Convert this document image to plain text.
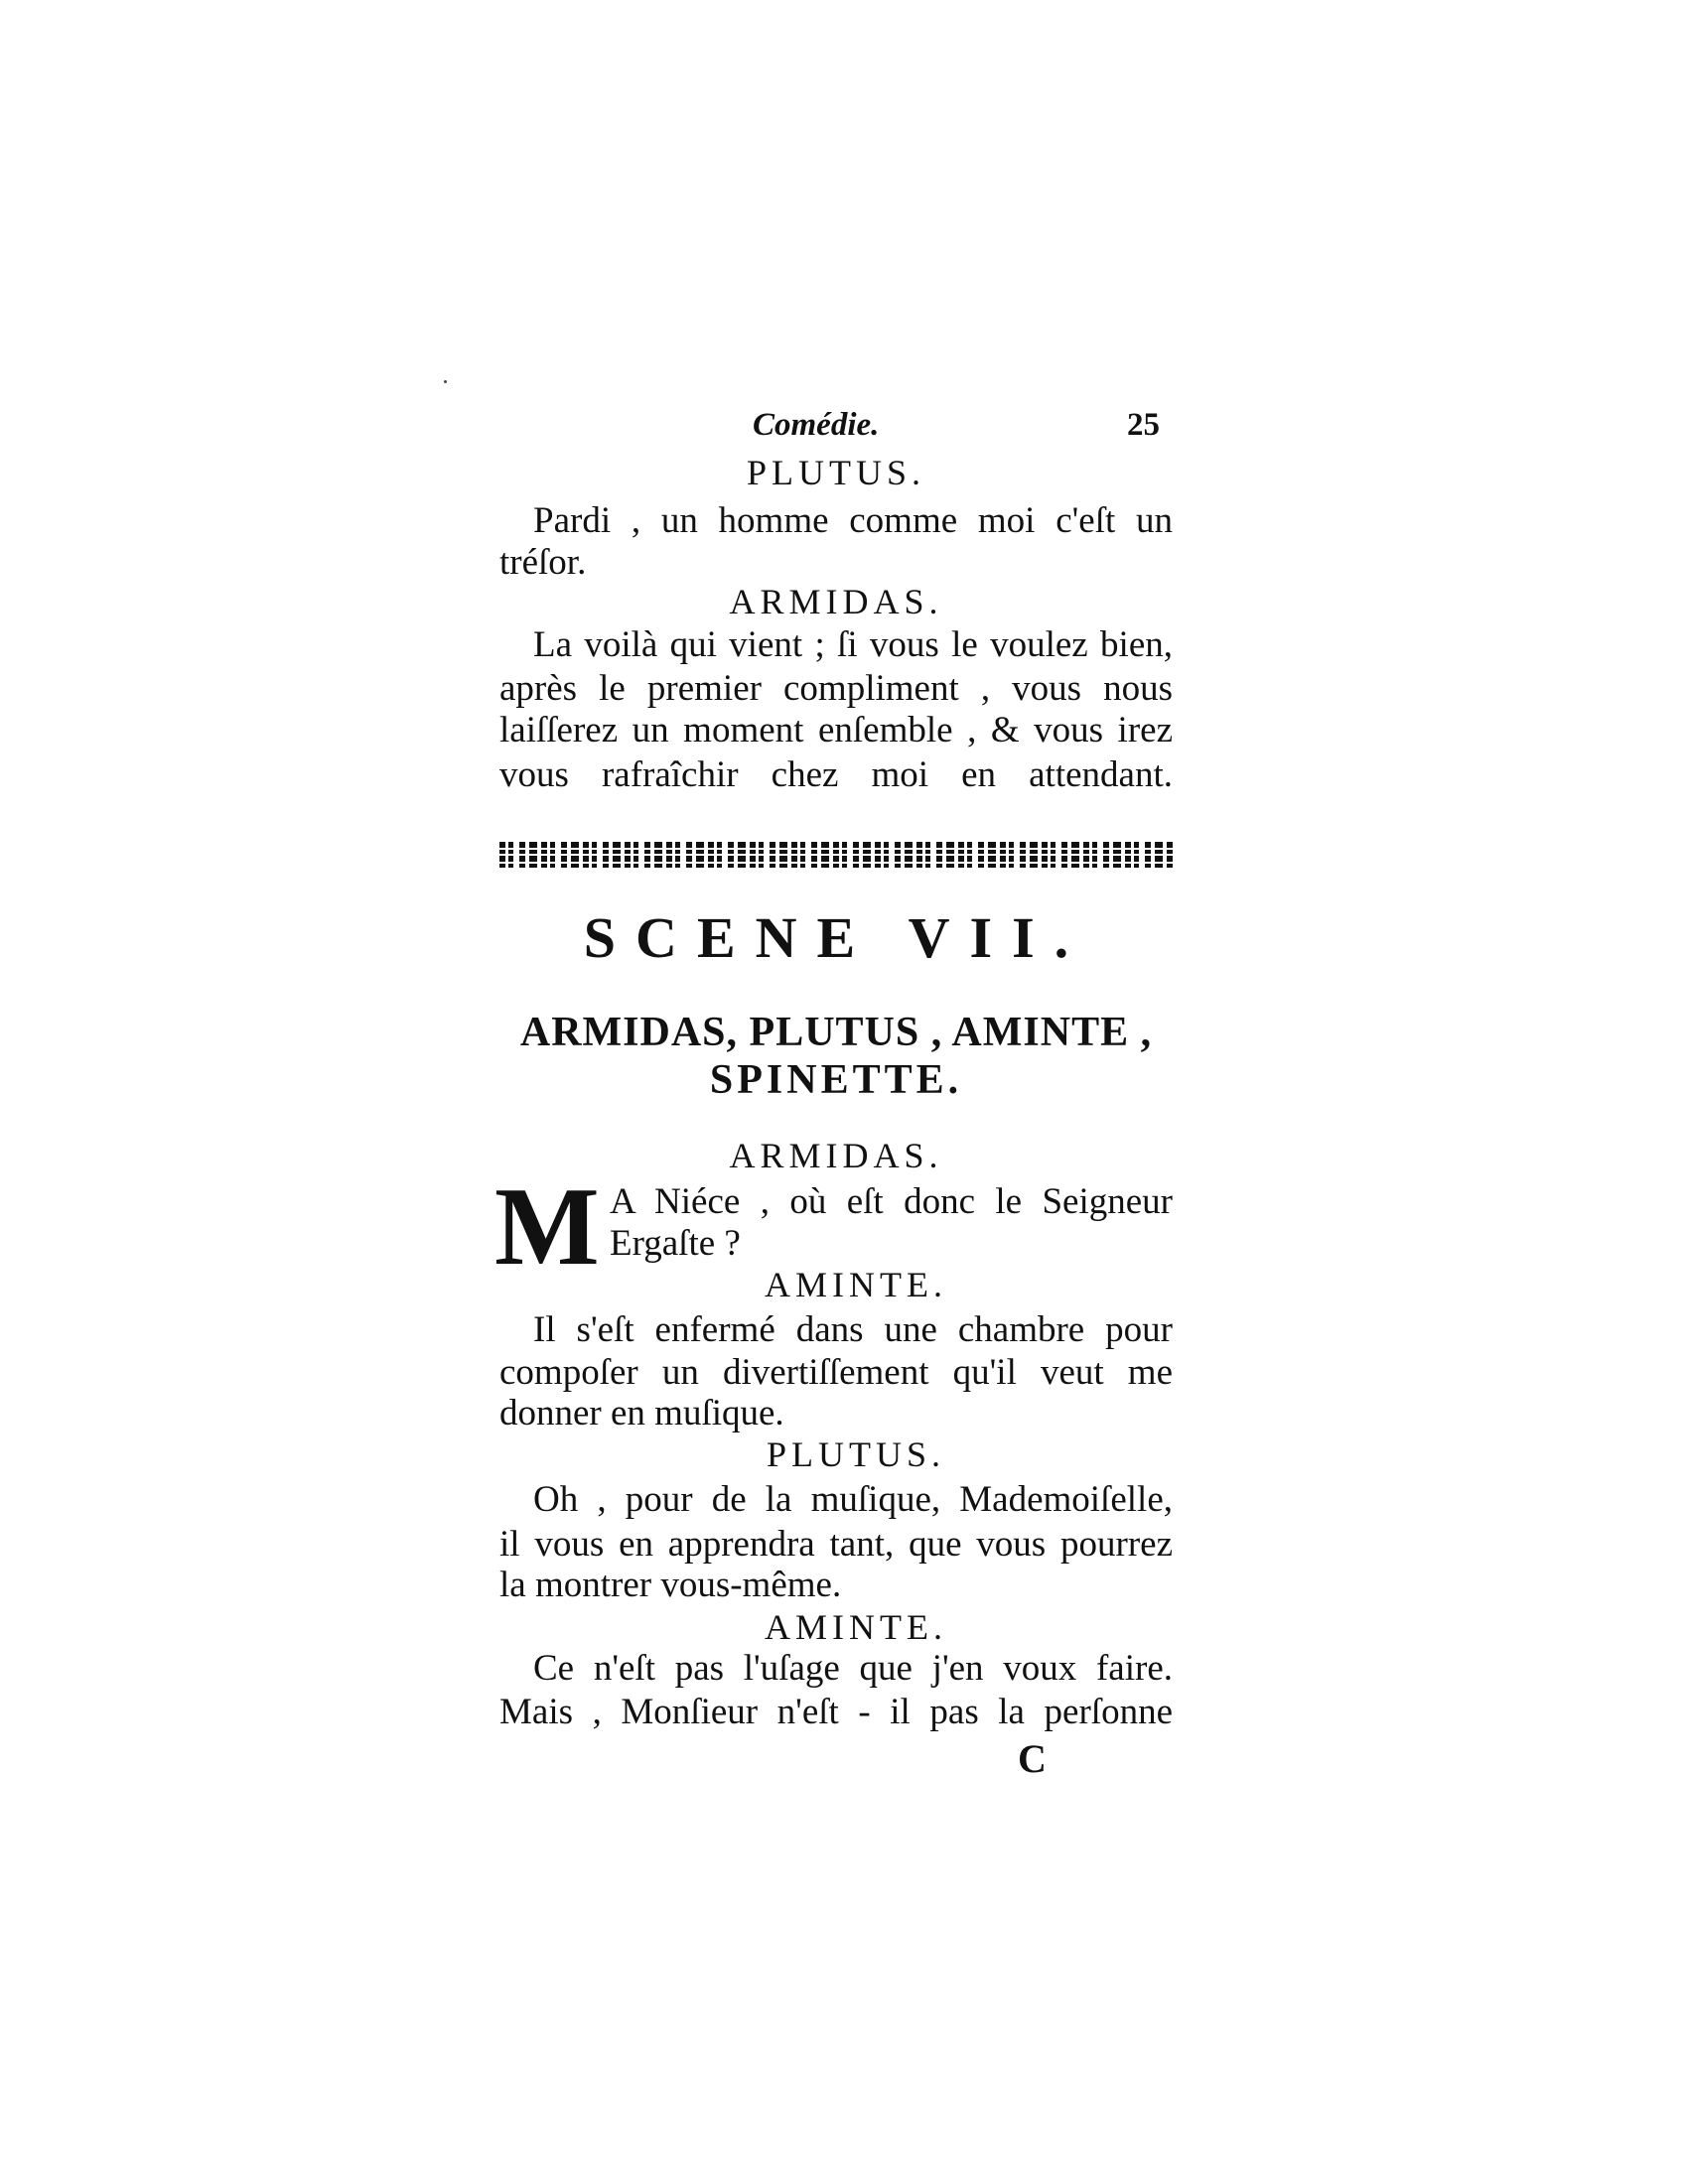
Comédie.	25
PLUTUS.
Pardi , un homme comme moi c'eſt un
tréſor.
ARMIDAS.
La voilà qui vient ; ſi vous le voulez bien,
après le premier compliment , vous nous
laiſſerez un moment enſemble , & vous irez
vous rafraîchir chez moi en attendant.
SCENE VII.
ARMIDAS, PLUTUS , AMINTE ,
SPINETTE.
ARMIDAS.
M A Niéce , où eſt donc le Seigneur
Ergaſte ?
AMINTE.
Il s'eſt enfermé dans une chambre pour
compoſer un divertiſſement qu'il veut me
donner en muſique.
PLUTUS.
Oh , pour de la muſique, Mademoiſelle,
il vous en apprendra tant, que vous pourrez
la montrer vous-même.
AMINTE.
Ce n'eſt pas l'uſage que j'en voux faire.
Mais , Monſieur n'eſt - il pas la perſonne
C
